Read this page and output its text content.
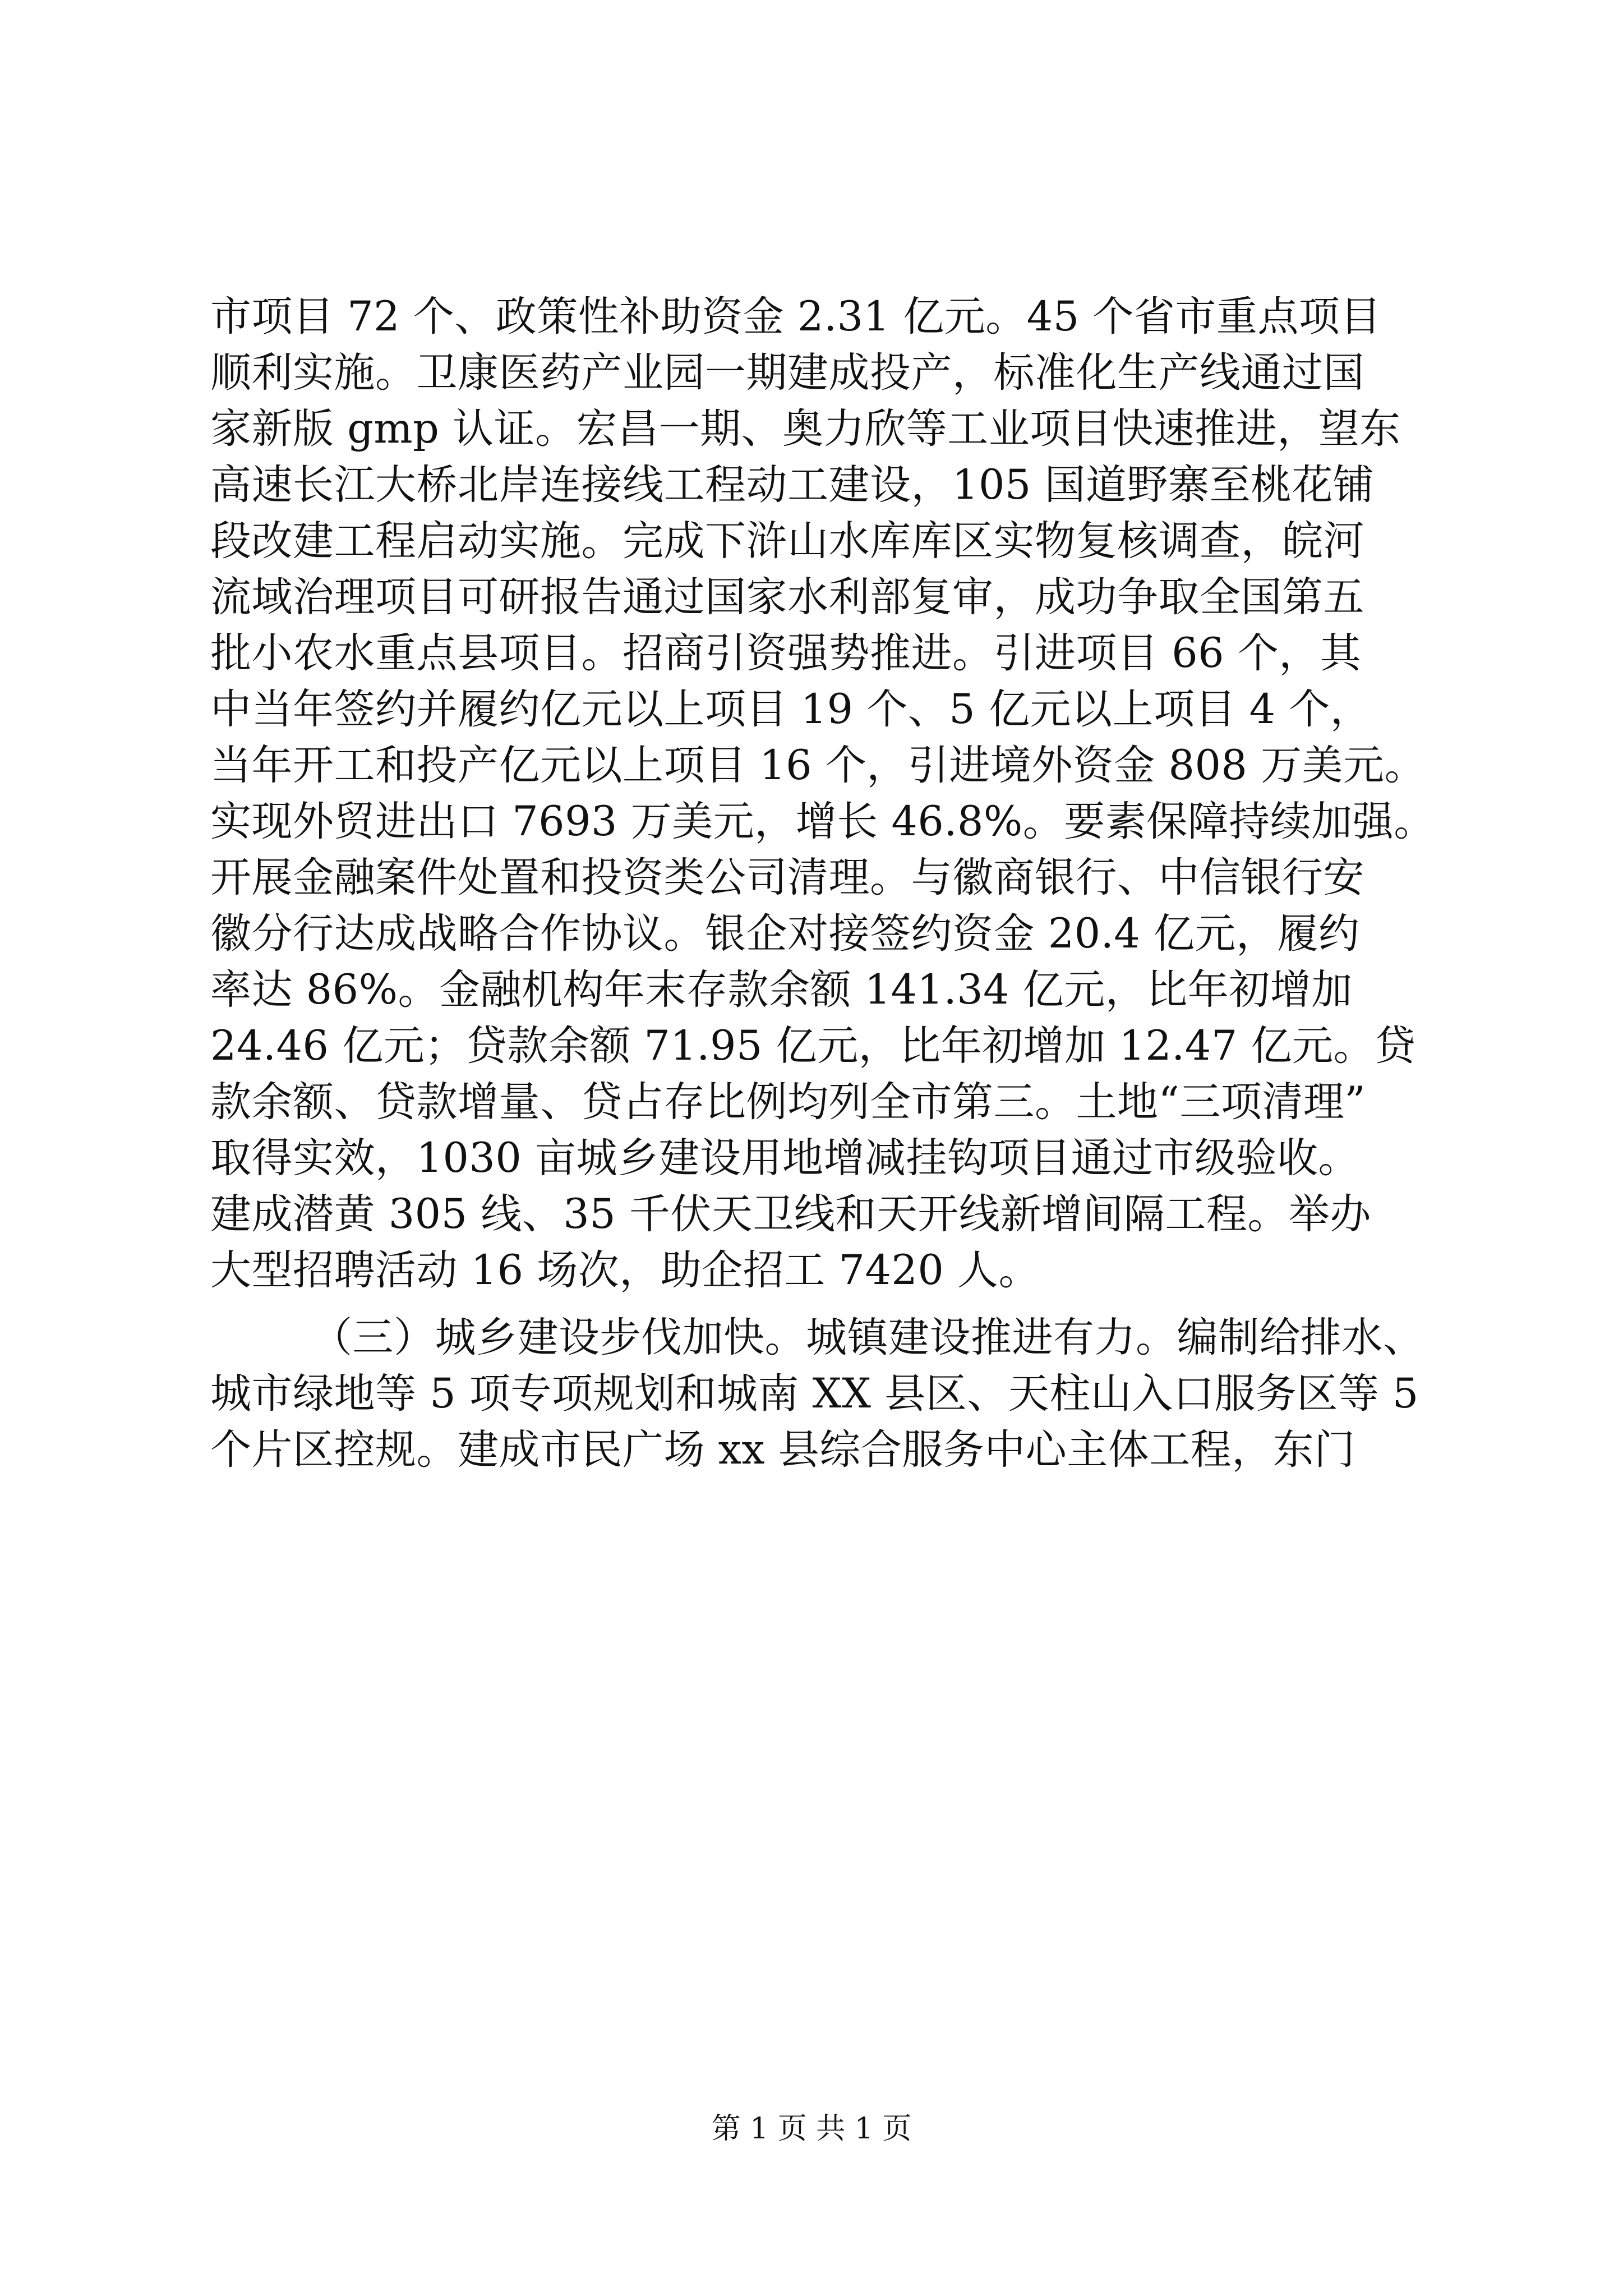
市项目 72 个、政策性补助资金 2.31 亿元。45 个省市重点项目
顺利实施。卫康医药产业园一期建成投产，标准化生产线通过国
家新版 gmp 认证。宏昌一期、奥力欣等工业项目快速推进，望东
高速长江大桥北岸连接线工程动工建设，105 国道野寨至桃花铺
段改建工程启动实施。完成下浒山水库库区实物复核调查，皖河
流域治理项目可研报告通过国家水利部复审，成功争取全国第五
批小农水重点县项目。招商引资强势推进。引进项目 66 个，其
中当年签约并履约亿元以上项目 19 个、5 亿元以上项目 4 个，
当年开工和投产亿元以上项目 16 个，引进境外资金 808 万美元。
实现外贸进出口 7693 万美元，增长 46.8%。要素保障持续加强。
开展金融案件处置和投资类公司清理。与徽商银行、中信银行安
徽分行达成战略合作协议。银企对接签约资金 20.4 亿元，履约
率达 86%。金融机构年末存款余额 141.34 亿元，比年初增加
24.46 亿元；贷款余额 71.95 亿元，比年初增加 12.47 亿元。贷
款余额、贷款增量、贷占存比例均列全市第三。土地“三项清理”
取得实效，1030 亩城乡建设用地增减挂钩项目通过市级验收。
建成潜黄 305 线、35 千伏天卫线和天开线新增间隔工程。举办
大型招聘活动 16 场次，助企招工 7420 人。
（三）城乡建设步伐加快。城镇建设推进有力。编制给排水、
城市绿地等 5 项专项规划和城南 XX 县区、天柱山入口服务区等 5
个片区控规。建成市民广场 xx 县综合服务中心主体工程，东门
第 1 页 共 1 页
